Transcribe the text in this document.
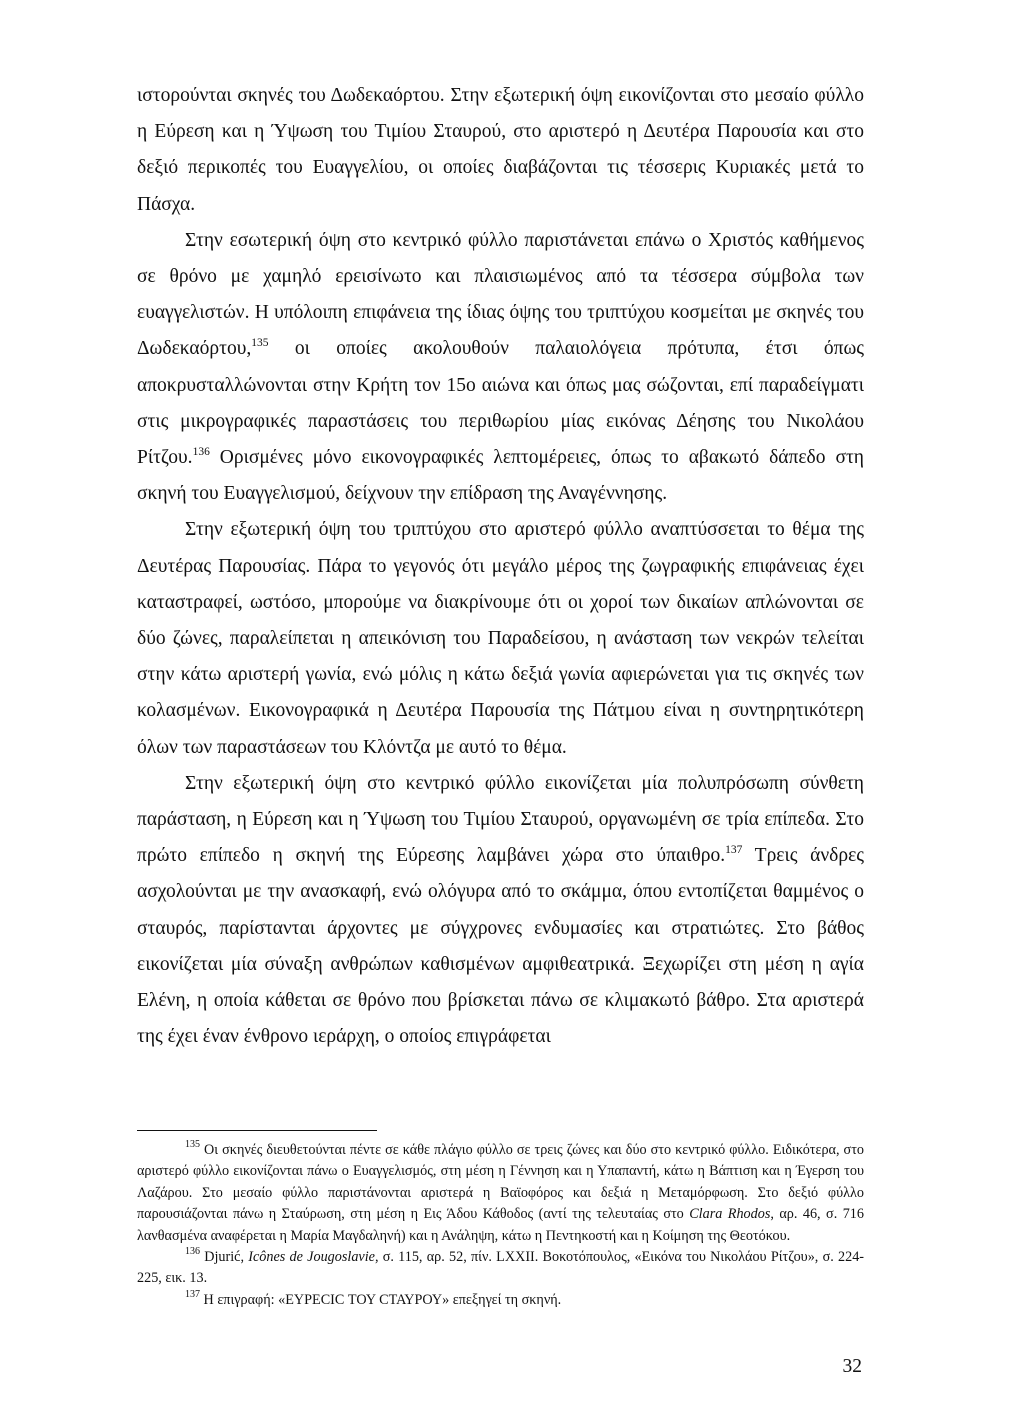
ιστορούνται σκηνές του Δωδεκαόρτου. Στην εξωτερική όψη εικονίζονται στο μεσαίο φύλλο η Εύρεση και η Ύψωση του Τιμίου Σταυρού, στο αριστερό η Δευτέρα Παρουσία και στο δεξιό περικοπές του Ευαγγελίου, οι οποίες διαβάζονται τις τέσσερις Κυριακές μετά το Πάσχα.

Στην εσωτερική όψη στο κεντρικό φύλλο παριστάνεται επάνω ο Χριστός καθήμενος σε θρόνο με χαμηλό ερεισίνωτο και πλαισιωμένος από τα τέσσερα σύμβολα των ευαγγελιστών. Η υπόλοιπη επιφάνεια της ίδιας όψης του τριπτύχου κοσμείται με σκηνές του Δωδεκαόρτου,$^{135}$ οι οποίες ακολουθούν παλαιολόγεια πρότυπα, έτσι όπως αποκρυσταλλώνονται στην Κρήτη τον 15ο αιώνα και όπως μας σώζονται, επί παραδείγματι στις μικρογραφικές παραστάσεις του περιθωρίου μίας εικόνας Δέησης του Νικολάου Ρίτζου.$^{136}$ Ορισμένες μόνο εικονογραφικές λεπτομέρειες, όπως το αβακωτό δάπεδο στη σκηνή του Ευαγγελισμού, δείχνουν την επίδραση της Αναγέννησης.

Στην εξωτερική όψη του τριπτύχου στο αριστερό φύλλο αναπτύσσεται το θέμα της Δευτέρας Παρουσίας. Πάρα το γεγονός ότι μεγάλο μέρος της ζωγραφικής επιφάνειας έχει καταστραφεί, ωστόσο, μπορούμε να διακρίνουμε ότι οι χοροί των δικαίων απλώνονται σε δύο ζώνες, παραλείπεται η απεικόνιση του Παραδείσου, η ανάσταση των νεκρών τελείται στην κάτω αριστερή γωνία, ενώ μόλις η κάτω δεξιά γωνία αφιερώνεται για τις σκηνές των κολασμένων. Εικονογραφικά η Δευτέρα Παρουσία της Πάτμου είναι η συντηρητικότερη όλων των παραστάσεων του Κλόντζα με αυτό το θέμα.

Στην εξωτερική όψη στο κεντρικό φύλλο εικονίζεται μία πολυπρόσωπη σύνθετη παράσταση, η Εύρεση και η Ύψωση του Τιμίου Σταυρού, οργανωμένη σε τρία επίπεδα. Στο πρώτο επίπεδο η σκηνή της Εύρεσης λαμβάνει χώρα στο ύπαιθρο.$^{137}$ Τρεις άνδρες ασχολούνται με την ανασκαφή, ενώ ολόγυρα από το σκάμμα, όπου εντοπίζεται θαμμένος ο σταυρός, παρίστανται άρχοντες με σύγχρονες ενδυμασίες και στρατιώτες. Στο βάθος εικονίζεται μία σύναξη ανθρώπων καθισμένων αμφιθεατρικά. Ξεχωρίζει στη μέση η αγία Ελένη, η οποία κάθεται σε θρόνο που βρίσκεται πάνω σε κλιμακωτό βάθρο. Στα αριστερά της έχει έναν ένθρονο ιεράρχη, ο οποίος επιγράφεται

$^{135}$ Οι σκηνές διευθετούνται πέντε σε κάθε πλάγιο φύλλο σε τρεις ζώνες και δύο στο κεντρικό φύλλο. Ειδικότερα, στο αριστερό φύλλο εικονίζονται πάνω ο Ευαγγελισμός, στη μέση η Γέννηση και η Υπαπαντή, κάτω η Βάπτιση και η Έγερση του Λαζάρου. Στο μεσαίο φύλλο παριστάνονται αριστερά η Βαϊοφόρος και δεξιά η Μεταμόρφωση. Στο δεξιό φύλλο παρουσιάζονται πάνω η Σταύρωση, στη μέση η Εις Άδου Κάθοδος (αντί της τελευταίας στο Clara Rhodos, αρ. 46, σ. 716 λανθασμένα αναφέρεται η Μαρία Μαγδαληνή) και η Ανάληψη, κάτω η Πεντηκοστή και η Κοίμηση της Θεοτόκου.

$^{136}$ Djurić, Icônes de Jougoslavie, σ. 115, αρ. 52, πίν. LXXII. Βοκοτόπουλος, «Εικόνα του Νικολάου Ρίτζου», σ. 224-225, εικ. 13.

$^{137}$ Η επιγραφή: «ΕΥΡΕCIC ΤΟΥ CΤΑΥΡΟΥ» επεξηγεί τη σκηνή.

32
